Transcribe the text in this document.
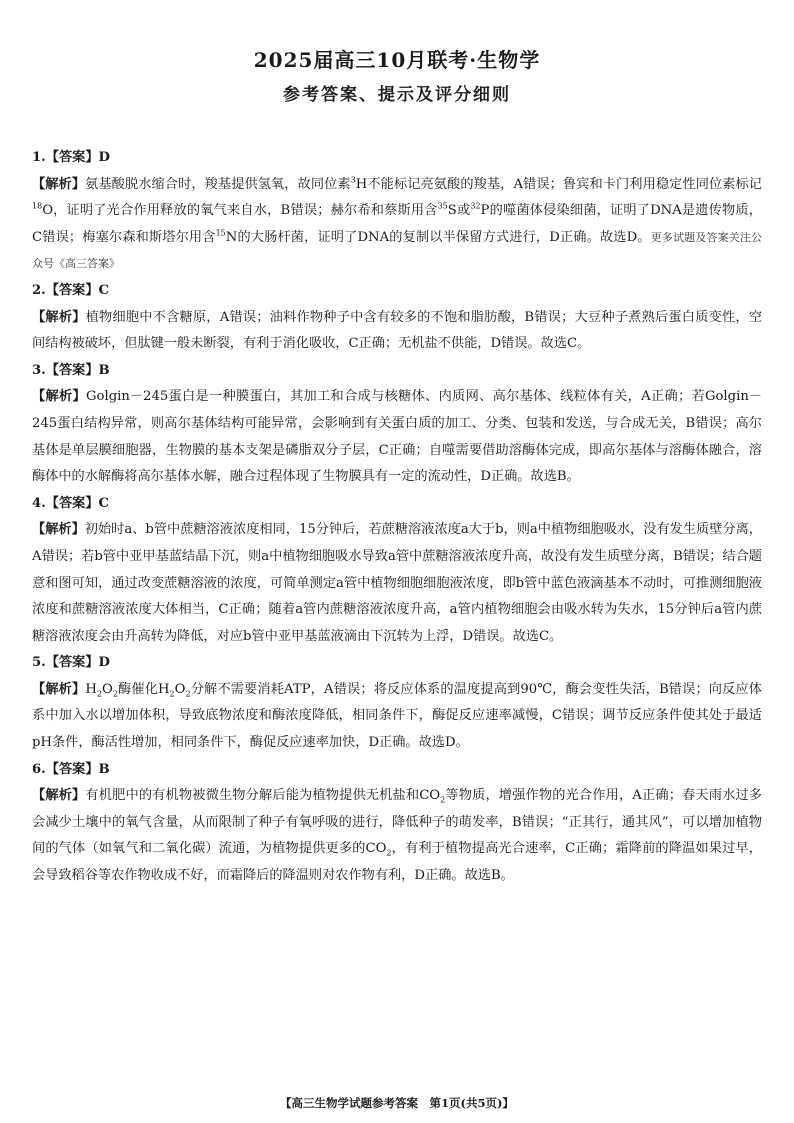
2025届高三10月联考·生物学
参考答案、提示及评分细则

1.【答案】D

【解析】氨基酸脱水缩合时，羧基提供氢氧，故同位素$^3$H不能标记亮氨酸的羧基，A错误；鲁宾和卡门利用稳定性同位素标记$^{18}$O，证明了光合作用释放的氧气来自水，B错误；赫尔希和蔡斯用含$^{35}$S或$^{32}$P的噬菌体侵染细菌，证明了DNA是遗传物质，C错误；梅塞尔森和斯塔尔用含$^{15}$N的大肠杆菌，证明了DNA的复制以半保留方式进行，D正确。故选D。更多试题及答案关注公众号《高三答案》

2.【答案】C

【解析】植物细胞中不含糖原，A错误；油料作物种子中含有较多的不饱和脂肪酸，B错误；大豆种子煮熟后蛋白质变性，空间结构被破坏，但肽键一般未断裂，有利于消化吸收，C正确；无机盐不供能，D错误。故选C。

3.【答案】B

【解析】Golgin－245蛋白是一种膜蛋白，其加工和合成与核糖体、内质网、高尔基体、线粒体有关，A正确；若Golgin－245蛋白结构异常，则高尔基体结构可能异常，会影响到有关蛋白质的加工、分类、包装和发送，与合成无关，B错误；高尔基体是单层膜细胞器，生物膜的基本支架是磷脂双分子层，C正确；自噬需要借助溶酶体完成，即高尔基体与溶酶体融合，溶酶体中的水解酶将高尔基体水解，融合过程体现了生物膜具有一定的流动性，D正确。故选B。

4.【答案】C

【解析】初始时a、b管中蔗糖溶液浓度相同，15分钟后，若蔗糖溶液浓度a大于b，则a中植物细胞吸水，没有发生质壁分离，A错误；若b管中亚甲基蓝结晶下沉，则a中植物细胞吸水导致a管中蔗糖溶液浓度升高，故没有发生质壁分离，B错误；结合题意和图可知，通过改变蔗糖溶液的浓度，可简单测定a管中植物细胞细胞液浓度，即b管中蓝色液滴基本不动时，可推测细胞液浓度和蔗糖溶液浓度大体相当，C正确；随着a管内蔗糖溶液浓度升高，a管内植物细胞会由吸水转为失水，15分钟后a管内蔗糖溶液浓度会由升高转为降低，对应b管中亚甲基蓝液滴由下沉转为上浮，D错误。故选C。

5.【答案】D

【解析】$H_2O_2$酶催化$H_2O_2$分解不需要消耗ATP，A错误；将反应体系的温度提高到90℃，酶会变性失活，B错误；向反应体系中加入水以增加体积，导致底物浓度和酶浓度降低，相同条件下，酶促反应速率减慢，C错误；调节反应条件使其处于最适pH条件，酶活性增加，相同条件下，酶促反应速率加快，D正确。故选D。

6.【答案】B

【解析】有机肥中的有机物被微生物分解后能为植物提供无机盐和$CO_2$等物质，增强作物的光合作用，A正确；春天雨水过多会减少土壤中的氧气含量，从而限制了种子有氧呼吸的进行，降低种子的萌发率，B错误；“正其行，通其风”，可以增加植物间的气体（如氧气和二氧化碳）流通，为植物提供更多的$CO_2$，有利于植物提高光合速率，C正确；霜降前的降温如果过早，会导致稻谷等农作物收成不好，而霜降后的降温则对农作物有利，D正确。故选B。

【高三生物学试题参考答案　第1页(共5页)】
